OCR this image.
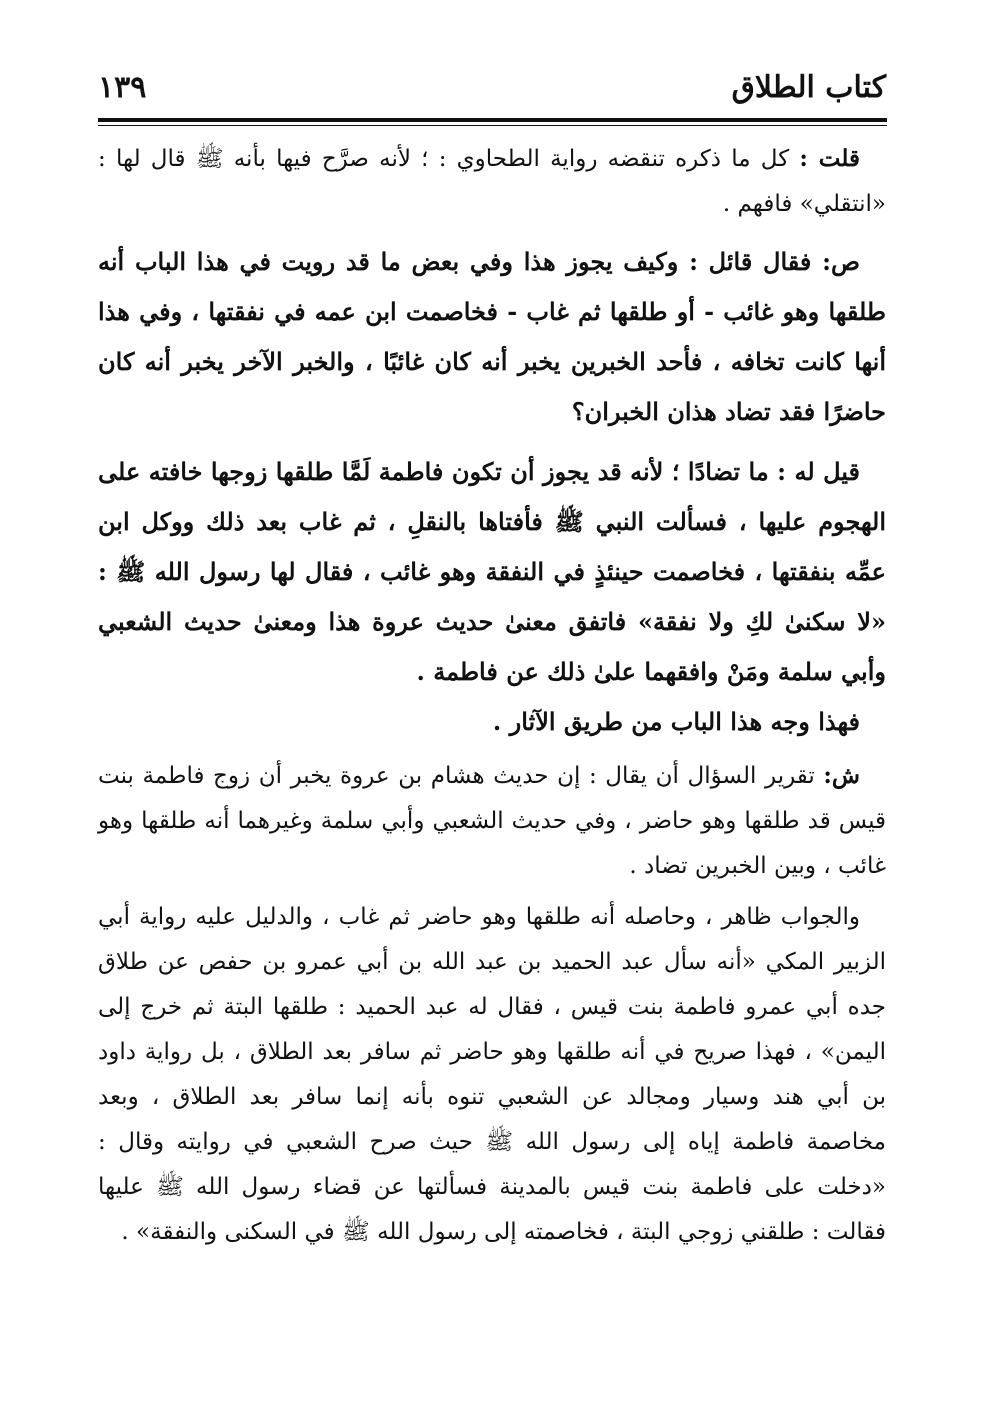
كتاب الطلاق
١٣٩

قلت : كل ما ذكره تنقضه رواية الطحاوي : ؛ لأنه صرَّح فيها بأنه ﷺ قال لها : «انتقلي» فافهم .

ص: فقال قائل : وكيف يجوز هذا وفي بعض ما قد رويت في هذا الباب أنه طلقها وهو غائب - أو طلقها ثم غاب - فخاصمت ابن عمه في نفقتها ، وفي هذا أنها كانت تخافه ، فأحد الخبرين يخبر أنه كان غائبًا ، والخبر الآخر يخبر أنه كان حاضرًا فقد تضاد هذان الخبران؟

قيل له : ما تضادًا ؛ لأنه قد يجوز أن تكون فاطمة لَمَّا طلقها زوجها خافته على الهجوم عليها ، فسألت النبي ﷺ فأفتاها بالنقلِ ، ثم غاب بعد ذلك ووكل ابن عمِّه بنفقتها ، فخاصمت حينئذٍ في النفقة وهو غائب ، فقال لها رسول الله ﷺ : «لا سكنىٰ لكِ ولا نفقة» فاتفق معنىٰ حديث عروة هذا ومعنىٰ حديث الشعبي وأبي سلمة ومَنْ وافقهما علىٰ ذلك عن فاطمة .

فهذا وجه هذا الباب من طريق الآثار .

ش: تقرير السؤال أن يقال : إن حديث هشام بن عروة يخبر أن زوج فاطمة بنت قيس قد طلقها وهو حاضر ، وفي حديث الشعبي وأبي سلمة وغيرهما أنه طلقها وهو غائب ، وبين الخبرين تضاد .

والجواب ظاهر ، وحاصله أنه طلقها وهو حاضر ثم غاب ، والدليل عليه رواية أبي الزبير المكي «أنه سأل عبد الحميد بن عبد الله بن أبي عمرو بن حفص عن طلاق جده أبي عمرو فاطمة بنت قيس ، فقال له عبد الحميد : طلقها البتة ثم خرج إلى اليمن» ، فهذا صريح في أنه طلقها وهو حاضر ثم سافر بعد الطلاق ، بل رواية داود بن أبي هند وسيار ومجالد عن الشعبي تنوه بأنه إنما سافر بعد الطلاق ، وبعد مخاصمة فاطمة إياه إلى رسول الله ﷺ حيث صرح الشعبي في روايته وقال : «دخلت على فاطمة بنت قيس بالمدينة فسألتها عن قضاء رسول الله ﷺ عليها فقالت : طلقني زوجي البتة ، فخاصمته إلى رسول الله ﷺ في السكنى والنفقة» .
